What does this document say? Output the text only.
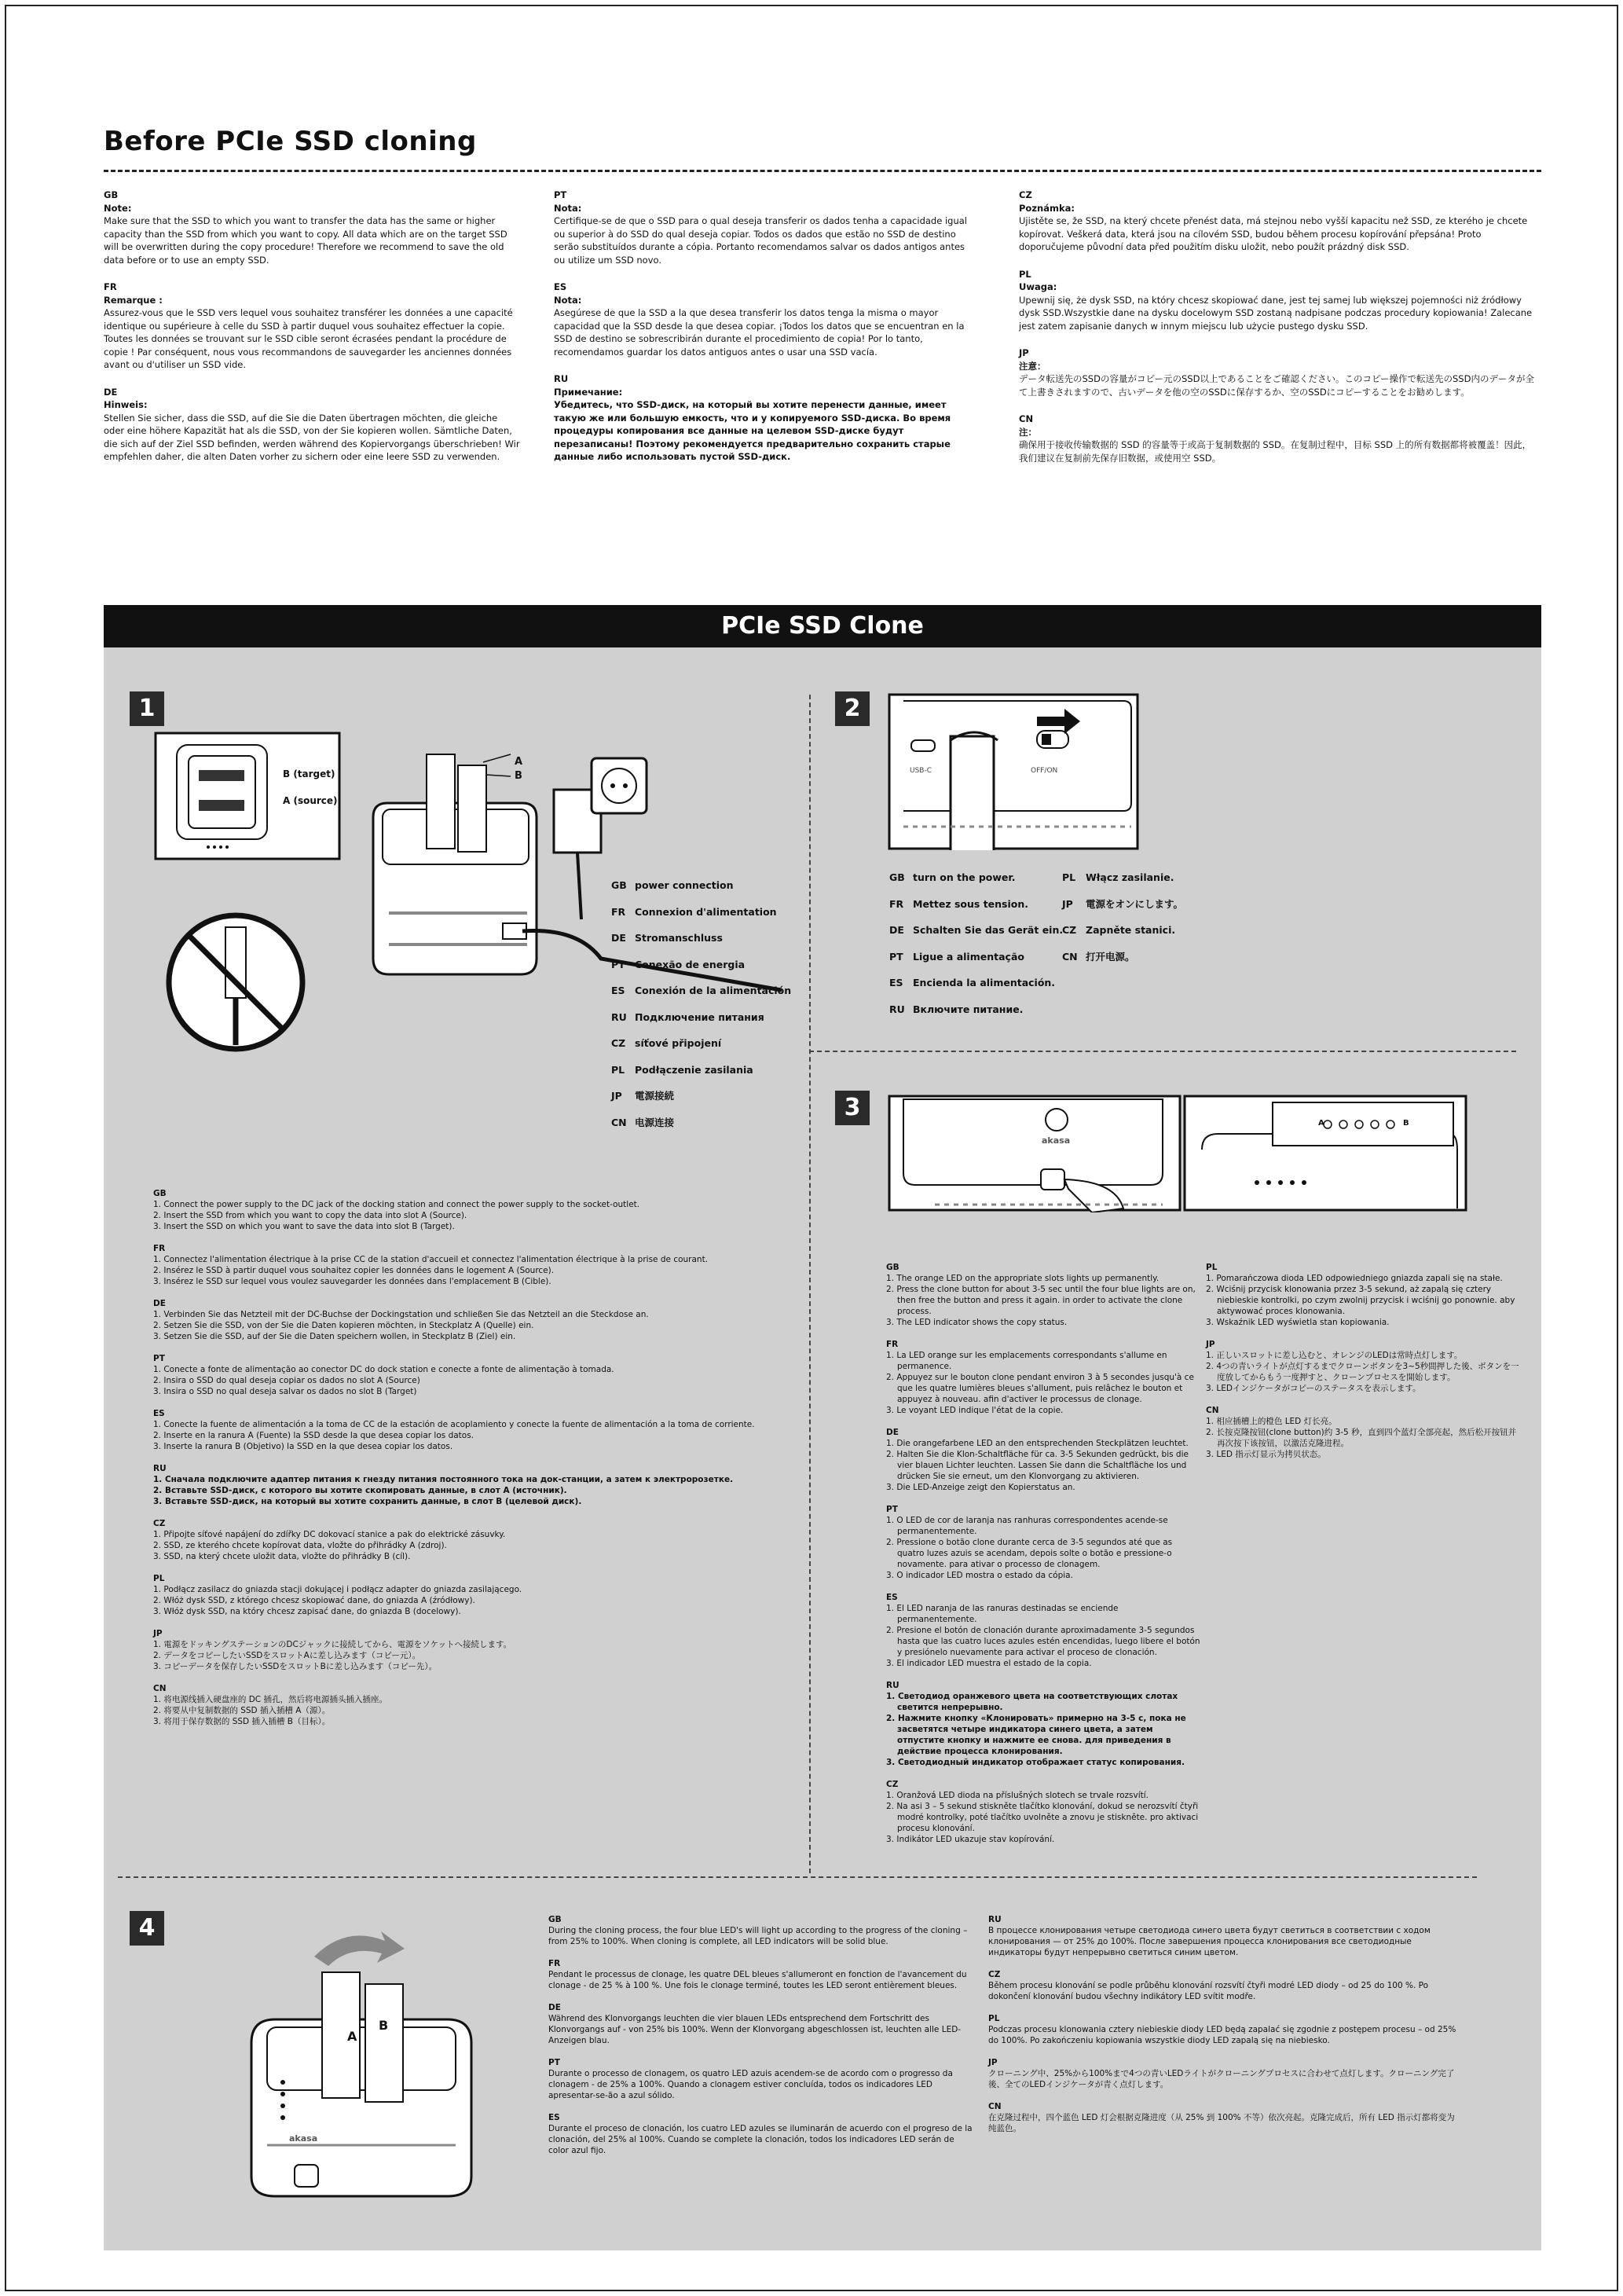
Before PCIe SSD cloning
GB
Note:
Make sure that the SSD to which you want to transfer the data has the same or higher capacity than the SSD from which you want to copy. All data which are on the target SSD will be overwritten during the copy procedure! Therefore we recommend to save the old data before or to use an empty SSD.
FR
Remarque :
Assurez-vous que le SSD vers lequel vous souhaitez transférer les données a une capacité identique ou supérieure à celle du SSD à partir duquel vous souhaitez effectuer la copie. Toutes les données se trouvant sur le SSD cible seront écrasées pendant la procédure de copie ! Par conséquent, nous vous recommandons de sauvegarder les anciennes données avant ou d'utiliser un SSD vide.
DE
Hinweis:
Stellen Sie sicher, dass die SSD, auf die Sie die Daten übertragen möchten, die gleiche oder eine höhere Kapazität hat als die SSD, von der Sie kopieren wollen. Sämtliche Daten, die sich auf der Ziel SSD befinden, werden während des Kopiervorgangs überschrieben! Wir empfehlen daher, die alten Daten vorher zu sichern oder eine leere SSD zu verwenden.
PT
Nota:
Certifique-se de que o SSD para o qual deseja transferir os dados tenha a capacidade igual ou superior à do SSD do qual deseja copiar. Todos os dados que estão no SSD de destino serão substituídos durante a cópia. Portanto recomendamos salvar os dados antigos antes ou utilize um SSD novo.
ES
Nota:
Asegúrese de que la SSD a la que desea transferir los datos tenga la misma o mayor capacidad que la SSD desde la que desea copiar. ¡Todos los datos que se encuentran en la SSD de destino se sobrescribirán durante el procedimiento de copia! Por lo tanto, recomendamos guardar los datos antiguos antes o usar una SSD vacía.
RU
Примечание:
Убедитесь, что SSD-диск, на который вы хотите перенести данные, имеет такую же или большую емкость, что и у копируемого SSD-диска. Во время процедуры копирования все данные на целевом SSD-диске будут перезаписаны! Поэтому рекомендуется предварительно сохранить старые данные либо использовать пустой SSD-диск.
CZ
Poznámka:
Ujistěte se, že SSD, na který chcete přenést data, má stejnou nebo vyšší kapacitu než SSD, ze kterého je chcete kopírovat. Veškerá data, která jsou na cílovém SSD, budou během procesu kopírování přepsána! Proto doporučujeme původní data před použitím disku uložit, nebo použít prázdný disk SSD.
PL
Uwaga:
Upewnij się, że dysk SSD, na który chcesz skopiować dane, jest tej samej lub większej pojemności niż źródłowy dysk SSD.Wszystkie dane na dysku docelowym SSD zostaną nadpisane podczas procedury kopiowania! Zalecane jest zatem zapisanie danych w innym miejscu lub użycie pustego dysku SSD.
JP
注意：
データ転送先のSSDの容量がコピー元のSSD以上であることをご確認ください。このコピー操作で転送先のSSD内のデータが全て上書きされますので、古いデータを他の空のSSDに保存するか、空のSSDにコピーすることをお勧めします。
CN
注：
确保用于接收传输数据的 SSD 的容量等于或高于复制数据的 SSD。在复制过程中，目标 SSD 上的所有数据都将被覆盖！因此，我们建议在复制前先保存旧数据，或使用空 SSD。
PCIe SSD Clone
1
B (target)
A (source)
A
B
GB power connection
FR Connexion d'alimentation
DE Stromanschluss
PT Conexão de energia
ES Conexión de la alimentación
RU Подключение питания
CZ síťové připojení
PL Podłączenie zasilania
JP 電源接続
CN 电源连接
GB
1. Connect the power supply to the DC jack of the docking station and connect the power supply to the socket-outlet.
2. Insert the SSD from which you want to copy the data into slot A (Source).
3. Insert the SSD on which you want to save the data into slot B (Target).
FR
1. Connectez l'alimentation électrique à la prise CC de la station d'accueil et connectez l'alimentation électrique à la prise de courant.
2. Insérez le SSD à partir duquel vous souhaitez copier les données dans le logement A (Source).
3. Insérez le SSD sur lequel vous voulez sauvegarder les données dans l'emplacement B (Cible).
DE
1. Verbinden Sie das Netzteil mit der DC-Buchse der Dockingstation und schließen Sie das Netzteil an die Steckdose an.
2. Setzen Sie die SSD, von der Sie die Daten kopieren möchten, in Steckplatz A (Quelle) ein.
3. Setzen Sie die SSD, auf der Sie die Daten speichern wollen, in Steckplatz B (Ziel) ein.
PT
1. Conecte a fonte de alimentação ao conector DC do dock station e conecte a fonte de alimentação à tomada.
2. Insira o SSD do qual deseja copiar os dados no slot A (Source)
3. Insira o SSD no qual deseja salvar os dados no slot B (Target)
ES
1. Conecte la fuente de alimentación a la toma de CC de la estación de acoplamiento y conecte la fuente de alimentación a la toma de corriente.
2. Inserte en la ranura A (Fuente) la SSD desde la que desea copiar los datos.
3. Inserte la ranura B (Objetivo) la SSD en la que desea copiar los datos.
RU
1. Сначала подключите адаптер питания к гнезду питания постоянного тока на док-станции, а затем к электророзетке.
2. Вставьте SSD-диск, с которого вы хотите скопировать данные, в слот A (источник).
3. Вставьте SSD-диск, на который вы хотите сохранить данные, в слот B (целевой диск).
CZ
1. Připojte síťové napájení do zdířky DC dokovací stanice a pak do elektrické zásuvky.
2. SSD, ze kterého chcete kopírovat data, vložte do přihrádky A (zdroj).
3. SSD, na který chcete uložit data, vložte do přihrádky B (cíl).
PL
1. Podłącz zasilacz do gniazda stacji dokującej i podłącz adapter do gniazda zasilającego.
2. Włóż dysk SSD, z którego chcesz skopiować dane, do gniazda A (źródłowy).
3. Włóż dysk SSD, na który chcesz zapisać dane, do gniazda B (docelowy).
JP
1. 電源をドッキングステーションのDCジャックに接続してから、電源をソケットへ接続します。
2. データをコピーしたいSSDをスロットAに差し込みます（コピー元）。
3. コピーデータを保存したいSSDをスロットBに差し込みます（コピー先）。
CN
1. 将电源线插入硬盘座的 DC 插孔，然后将电源插头插入插座。
2. 将要从中复制数据的 SSD 插入插槽 A（源）。
3. 将用于保存数据的 SSD 插入插槽 B（目标）。
2
USB-C	OFF/ON
GB turn on the power.
FR Mettez sous tension.
DE Schalten Sie das Gerät ein.
PT Ligue a alimentação
ES Encienda la alimentación.
RU Включите питание.
PL Włącz zasilanie.
JP 電源をオンにします。
CZ Zapněte stanici.
CN 打开电源。
3
akasa
A	B
GB
1. The orange LED on the appropriate slots lights up permanently.
2. Press the clone button for about 3-5 sec until the four blue lights are on, then free the button and press it again. in order to activate the clone process.
3. The LED indicator shows the copy status.
FR
1. La LED orange sur les emplacements correspondants s'allume en permanence.
2. Appuyez sur le bouton clone pendant environ 3 à 5 secondes jusqu'à ce que les quatre lumières bleues s'allument, puis relâchez le bouton et appuyez à nouveau. afin d'activer le processus de clonage.
3. Le voyant LED indique l'état de la copie.
DE
1. Die orangefarbene LED an den entsprechenden Steckplätzen leuchtet.
2. Halten Sie die Klon-Schaltfläche für ca. 3-5 Sekunden gedrückt, bis die vier blauen Lichter leuchten. Lassen Sie dann die Schaltfläche los und drücken Sie sie erneut, um den Klonvorgang zu aktivieren.
3. Die LED-Anzeige zeigt den Kopierstatus an.
PT
1. O LED de cor de laranja nas ranhuras correspondentes acende-se permanentemente.
2. Pressione o botão clone durante cerca de 3-5 segundos até que as quatro luzes azuis se acendam, depois solte o botão e pressione-o novamente. para ativar o processo de clonagem.
3. O indicador LED mostra o estado da cópia.
ES
1. El LED naranja de las ranuras destinadas se enciende permanentemente.
2. Presione el botón de clonación durante aproximadamente 3-5 segundos hasta que las cuatro luces azules estén encendidas, luego libere el botón y presiónelo nuevamente para activar el proceso de clonación.
3. El indicador LED muestra el estado de la copia.
RU
1. Светодиод оранжевого цвета на соответствующих слотах светится непрерывно.
2. Нажмите кнопку «Клонировать» примерно на 3-5 с, пока не засветятся четыре индикатора синего цвета, а затем отпустите кнопку и нажмите ее снова. для приведения в действие процесса клонирования.
3. Светодиодный индикатор отображает статус копирования.
CZ
1. Oranžová LED dioda na příslušných slotech se trvale rozsvítí.
2. Na asi 3 – 5 sekund stiskněte tlačítko klonování, dokud se nerozsvítí čtyři modré kontrolky, poté tlačítko uvolněte a znovu je stiskněte. pro aktivaci procesu klonování.
3. Indikátor LED ukazuje stav kopírování.
PL
1. Pomarańczowa dioda LED odpowiedniego gniazda zapali się na stałe.
2. Wciśnij przycisk klonowania przez 3-5 sekund, aż zapalą się cztery niebieskie kontrolki, po czym zwolnij przycisk i wciśnij go ponownie. aby aktywować proces klonowania.
3. Wskaźnik LED wyświetla stan kopiowania.
JP
1. 正しいスロットに差し込むと、オレンジのLEDは常時点灯します。
2. 4つの青いライトが点灯するまでクローンボタンを3~5秒間押した後、ボタンを一度放してからもう一度押すと、クローンプロセスを開始します。
3. LEDインジケータがコピーのステータスを表示します。
CN
1. 相应插槽上的橙色 LED 灯长亮。
2. 长按克隆按钮(clone button)约 3-5 秒，直到四个蓝灯全部亮起，然后松开按钮并再次按下该按钮，以激活克隆进程。
3. LED 指示灯显示为拷贝状态。
4
A
B
akasa
GB
During the cloning process, the four blue LED's will light up according to the progress of the cloning – from 25% to 100%. When cloning is complete, all LED indicators will be solid blue.
FR
Pendant le processus de clonage, les quatre DEL bleues s'allumeront en fonction de l'avancement du clonage - de 25 % à 100 %. Une fois le clonage terminé, toutes les LED seront entièrement bleues.
DE
Während des Klonvorgangs leuchten die vier blauen LEDs entsprechend dem Fortschritt des Klonvorgangs auf - von 25% bis 100%. Wenn der Klonvorgang abgeschlossen ist, leuchten alle LED-Anzeigen blau.
PT
Durante o processo de clonagem, os quatro LED azuis acendem-se de acordo com o progresso da clonagem - de 25% a 100%. Quando a clonagem estiver concluída, todos os indicadores LED apresentar-se-ão a azul sólido.
ES
Durante el proceso de clonación, los cuatro LED azules se iluminarán de acuerdo con el progreso de la clonación, del 25% al 100%. Cuando se complete la clonación, todos los indicadores LED serán de color azul fijo.
RU
В процессе клонирования четыре светодиода синего цвета будут светиться в соответствии с ходом клонирования — от 25% до 100%. После завершения процесса клонирования все светодиодные индикаторы будут непрерывно светиться синим цветом.
CZ
Během procesu klonování se podle průběhu klonování rozsvítí čtyři modré LED diody – od 25 do 100 %. Po dokončení klonování budou všechny indikátory LED svítit modře.
PL
Podczas procesu klonowania cztery niebieskie diody LED będą zapalać się zgodnie z postępem procesu – od 25% do 100%. Po zakończeniu kopiowania wszystkie diody LED zapalą się na niebiesko.
JP
クローニング中、25%から100%まで4つの青いLEDライトがクローニングプロセスに合わせて点灯します。クローニング完了後、全てのLEDインジケータが青く点灯します。
CN
在克隆过程中，四个蓝色 LED 灯会根据克隆进度（从 25% 到 100% 不等）依次亮起。克隆完成后，所有 LED 指示灯都将变为纯蓝色。
